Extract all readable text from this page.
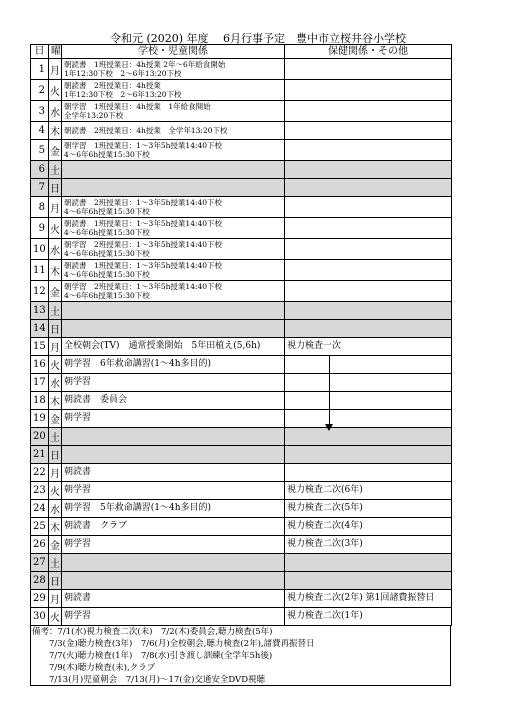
令和元 (2020) 年度　 6月行事予定　豊中市立桜井谷小学校
日	曜	学校・児童関係	保健関係・その他
1	月	朝読書　1班授業日：4h授業 2年～6年給食開始
1年12:30下校　2～6年13:20下校	

2	火	朝読書　2班授業日：4h授業
1年12:30下校　2～6年13:20下校	

3	水	朝学習　1班授業日：4h授業　1年給食開始
全学年13:20下校	

4	木	朝読書　2班授業日：4h授業　全学年13:20下校	

5	金	朝学習　1班授業日：1～3年5h授業14:40下校
4～6年6h授業15:30下校	

6	土		
7	日		
8	月	朝読書　2班授業日：1～3年5h授業14:40下校
4～6年6h授業15:30下校	

9	火	朝読書　1班授業日：1～3年5h授業14:40下校
4～6年6h授業15:30下校	

10	水	朝学習　2班授業日：1～3年5h授業14:40下校
4～6年6h授業15:30下校	

11	木	朝読書　1班授業日：1～3年5h授業14:40下校
4～6年6h授業15:30下校	

12	金	朝学習　2班授業日：1～3年5h授業14:40下校
4～6年6h授業15:30下校	

13	土		
14	日		
15	月	全校朝会(TV)　通常授業開始　5年田植え(5,6h)	視力検査一次
16	火	朝学習　6年救命講習(1～4h多目的)	

17	水	朝学習	

18	木	朝読書　委員会	

19	金	朝学習	

20	土		
21	日		
22	月	朝読書	

23	火	朝学習	視力検査二次(6年)
24	水	朝学習　5年救命講習(1～4h多目的)	視力検査二次(5年)
25	木	朝読書　クラブ	視力検査二次(4年)
26	金	朝学習	視力検査二次(3年)
27	土		
28	日		
29	月	朝読書	視力検査二次(2年) 第1回諸費振替日
30	火	朝学習	視力検査二次(1年)
備考：7/1(水)視力検査二次(未)　7/2(木)委員会,聴力検査(5年)
　　7/3(金)聴力検査(3年)　7/6(月)全校朝会,聴力検査(2年),諸費再振替日
　　7/7(火)聴力検査(1年)　7/8(水)引き渡し訓練(全学年5h後)
　　7/9(木)聴力検査(未),クラブ
　　7/13(月)児童朝会　7/13(月)～17(金)交通安全DVD視聴
